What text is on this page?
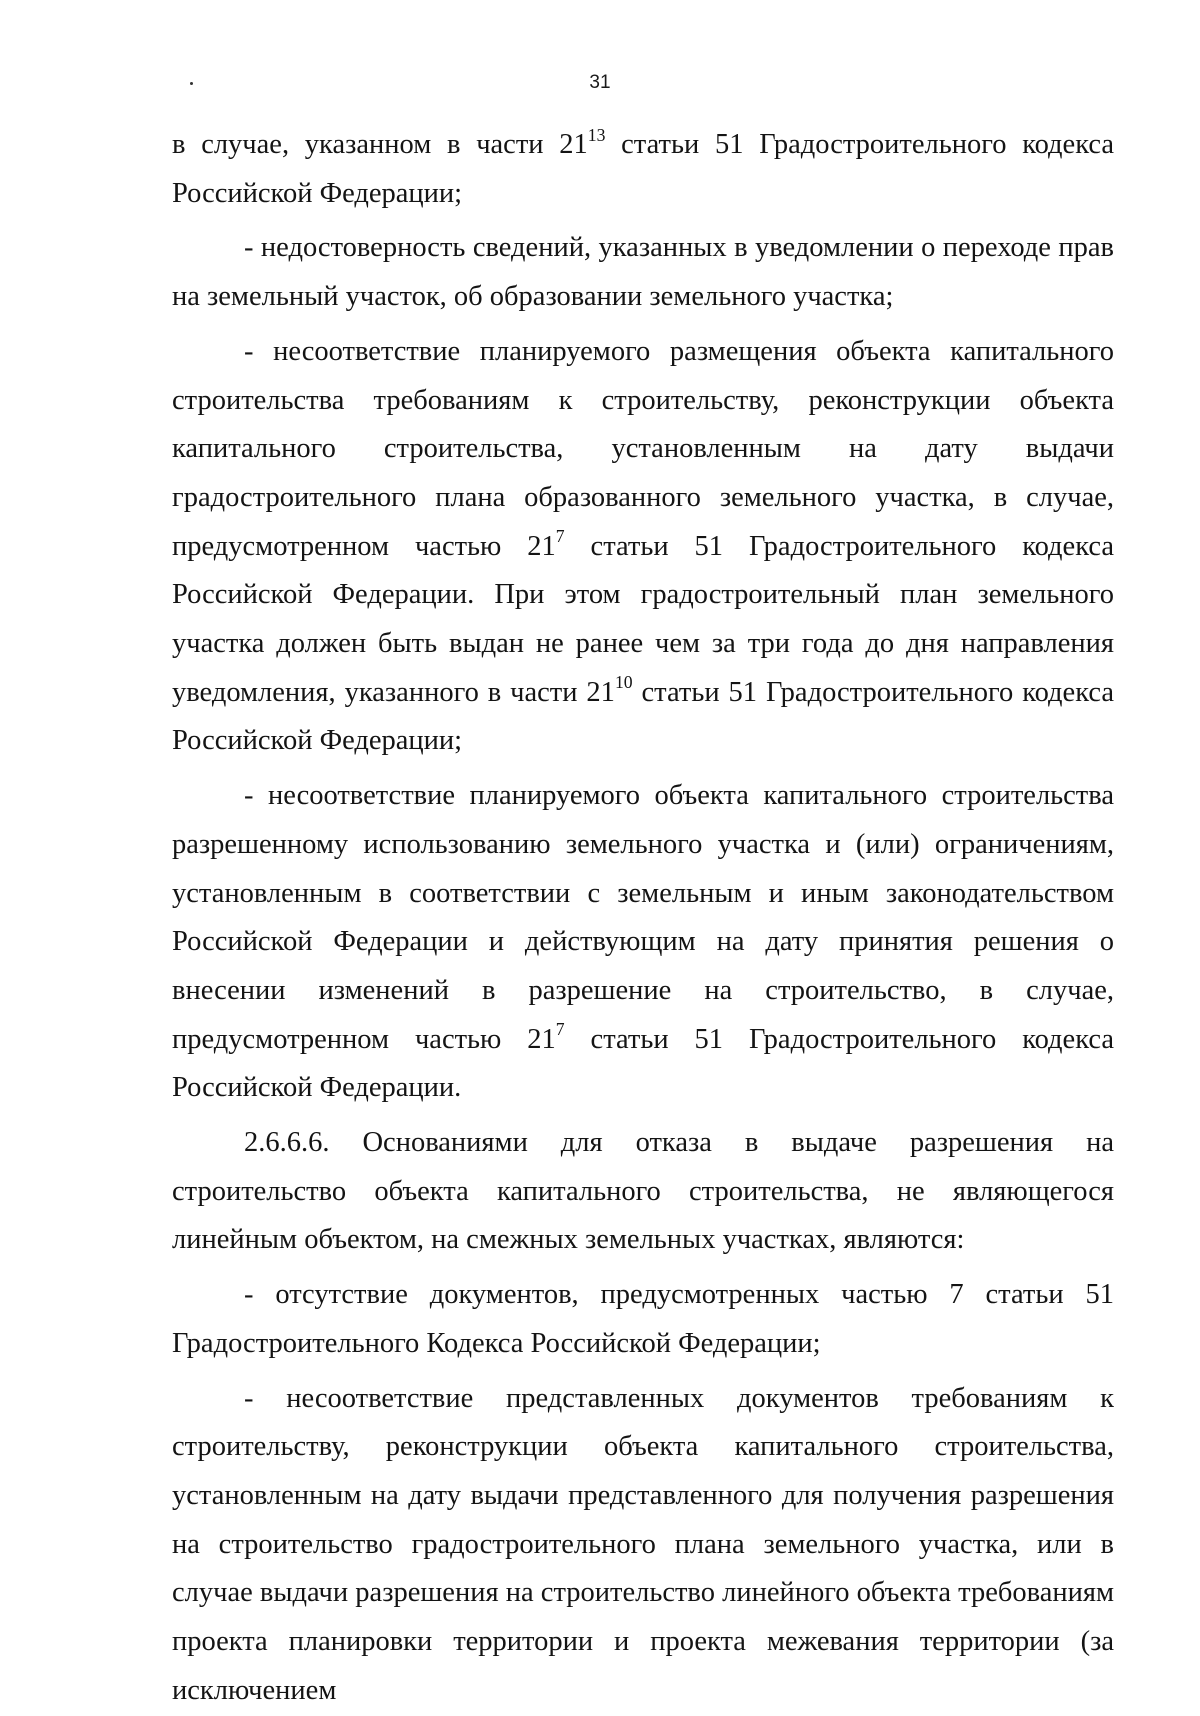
31

в случае, указанном в части $21^{13}$ статьи 51 Градостроительного кодекса Российской Федерации;

- недостоверность сведений, указанных в уведомлении о переходе прав на земельный участок, об образовании земельного участка;

- несоответствие планируемого размещения объекта капитального строительства требованиям к строительству, реконструкции объекта капитального строительства, установленным на дату выдачи градостроительного плана образованного земельного участка, в случае, предусмотренном частью $21^7$ статьи 51 Градостроительного кодекса Российской Федерации. При этом градостроительный план земельного участка должен быть выдан не ранее чем за три года до дня направления уведомления, указанного в части $21^{10}$ статьи 51 Градостроительного кодекса Российской Федерации;

- несоответствие планируемого объекта капитального строительства разрешенному использованию земельного участка и (или) ограничениям, установленным в соответствии с земельным и иным законодательством Российской Федерации и действующим на дату принятия решения о внесении изменений в разрешение на строительство, в случае, предусмотренном частью $21^7$ статьи 51 Градостроительного кодекса Российской Федерации.

2.6.6.6. Основаниями для отказа в выдаче разрешения на строительство объекта капитального строительства, не являющегося линейным объектом, на смежных земельных участках, являются:

- отсутствие документов, предусмотренных частью 7 статьи 51 Градостроительного Кодекса Российской Федерации;

- несоответствие представленных документов требованиям к строительству, реконструкции объекта капитального строительства, установленным на дату выдачи представленного для получения разрешения на строительство градостроительного плана земельного участка, или в случае выдачи разрешения на строительство линейного объекта требованиям проекта планировки территории и проекта межевания территории (за исключением
